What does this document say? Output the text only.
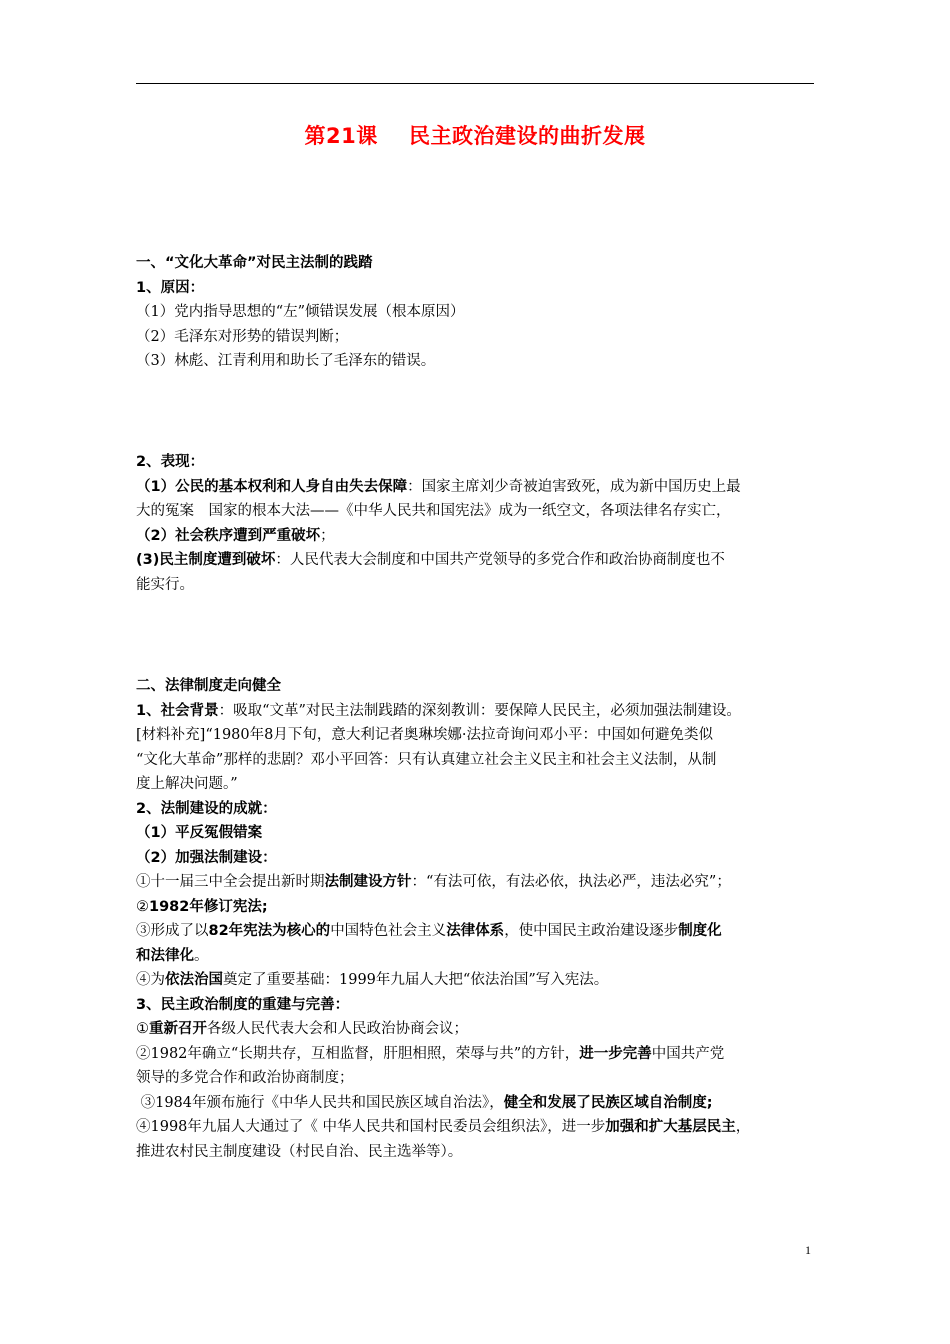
第21课    民主政治建设的曲折发展
一、“文化大革命”对民主法制的践踏
1、原因：
（1）党内指导思想的“左”倾错误发展（根本原因）
（2）毛泽东对形势的错误判断；
（3）林彪、江青利用和助长了毛泽东的错误。
2、表现：
（1）公民的基本权利和人身自由失去保障：国家主席刘少奇被迫害致死，成为新中国历史上最
大的冤案　国家的根本大法——《中华人民共和国宪法》成为一纸空文，各项法律名存实亡，
（2）社会秩序遭到严重破坏；
(3)民主制度遭到破坏：人民代表大会制度和中国共产党领导的多党合作和政治协商制度也不
能实行。
二、法律制度走向健全
1、社会背景：吸取“文革”对民主法制践踏的深刻教训：要保障人民民主，必须加强法制建设。
[材料补充]“1980年8月下旬，意大利记者奥琳埃娜·法拉奇询问邓小平：中国如何避免类似
“文化大革命”那样的悲剧？邓小平回答：只有认真建立社会主义民主和社会主义法制，从制
度上解决问题。”
2、法制建设的成就：
（1）平反冤假错案
（2）加强法制建设：
①十一届三中全会提出新时期法制建设方针：“有法可依，有法必依，执法必严，违法必究”；
②1982年修订宪法;
③形成了以82年宪法为核心的中国特色社会主义法律体系，使中国民主政治建设逐步制度化
和法律化。
④为依法治国奠定了重要基础：1999年九届人大把“依法治国”写入宪法。
3、民主政治制度的重建与完善：
①重新召开各级人民代表大会和人民政治协商会议；
②1982年确立“长期共存，互相监督，肝胆相照，荣辱与共”的方针，进一步完善中国共产党
领导的多党合作和政治协商制度；
③1984年颁布施行《中华人民共和国民族区域自治法》，健全和发展了民族区域自治制度;
④1998年九届人大通过了《 中华人民共和国村民委员会组织法》，进一步加强和扩大基层民主，
推进农村民主制度建设（村民自治、民主选举等）。
1
